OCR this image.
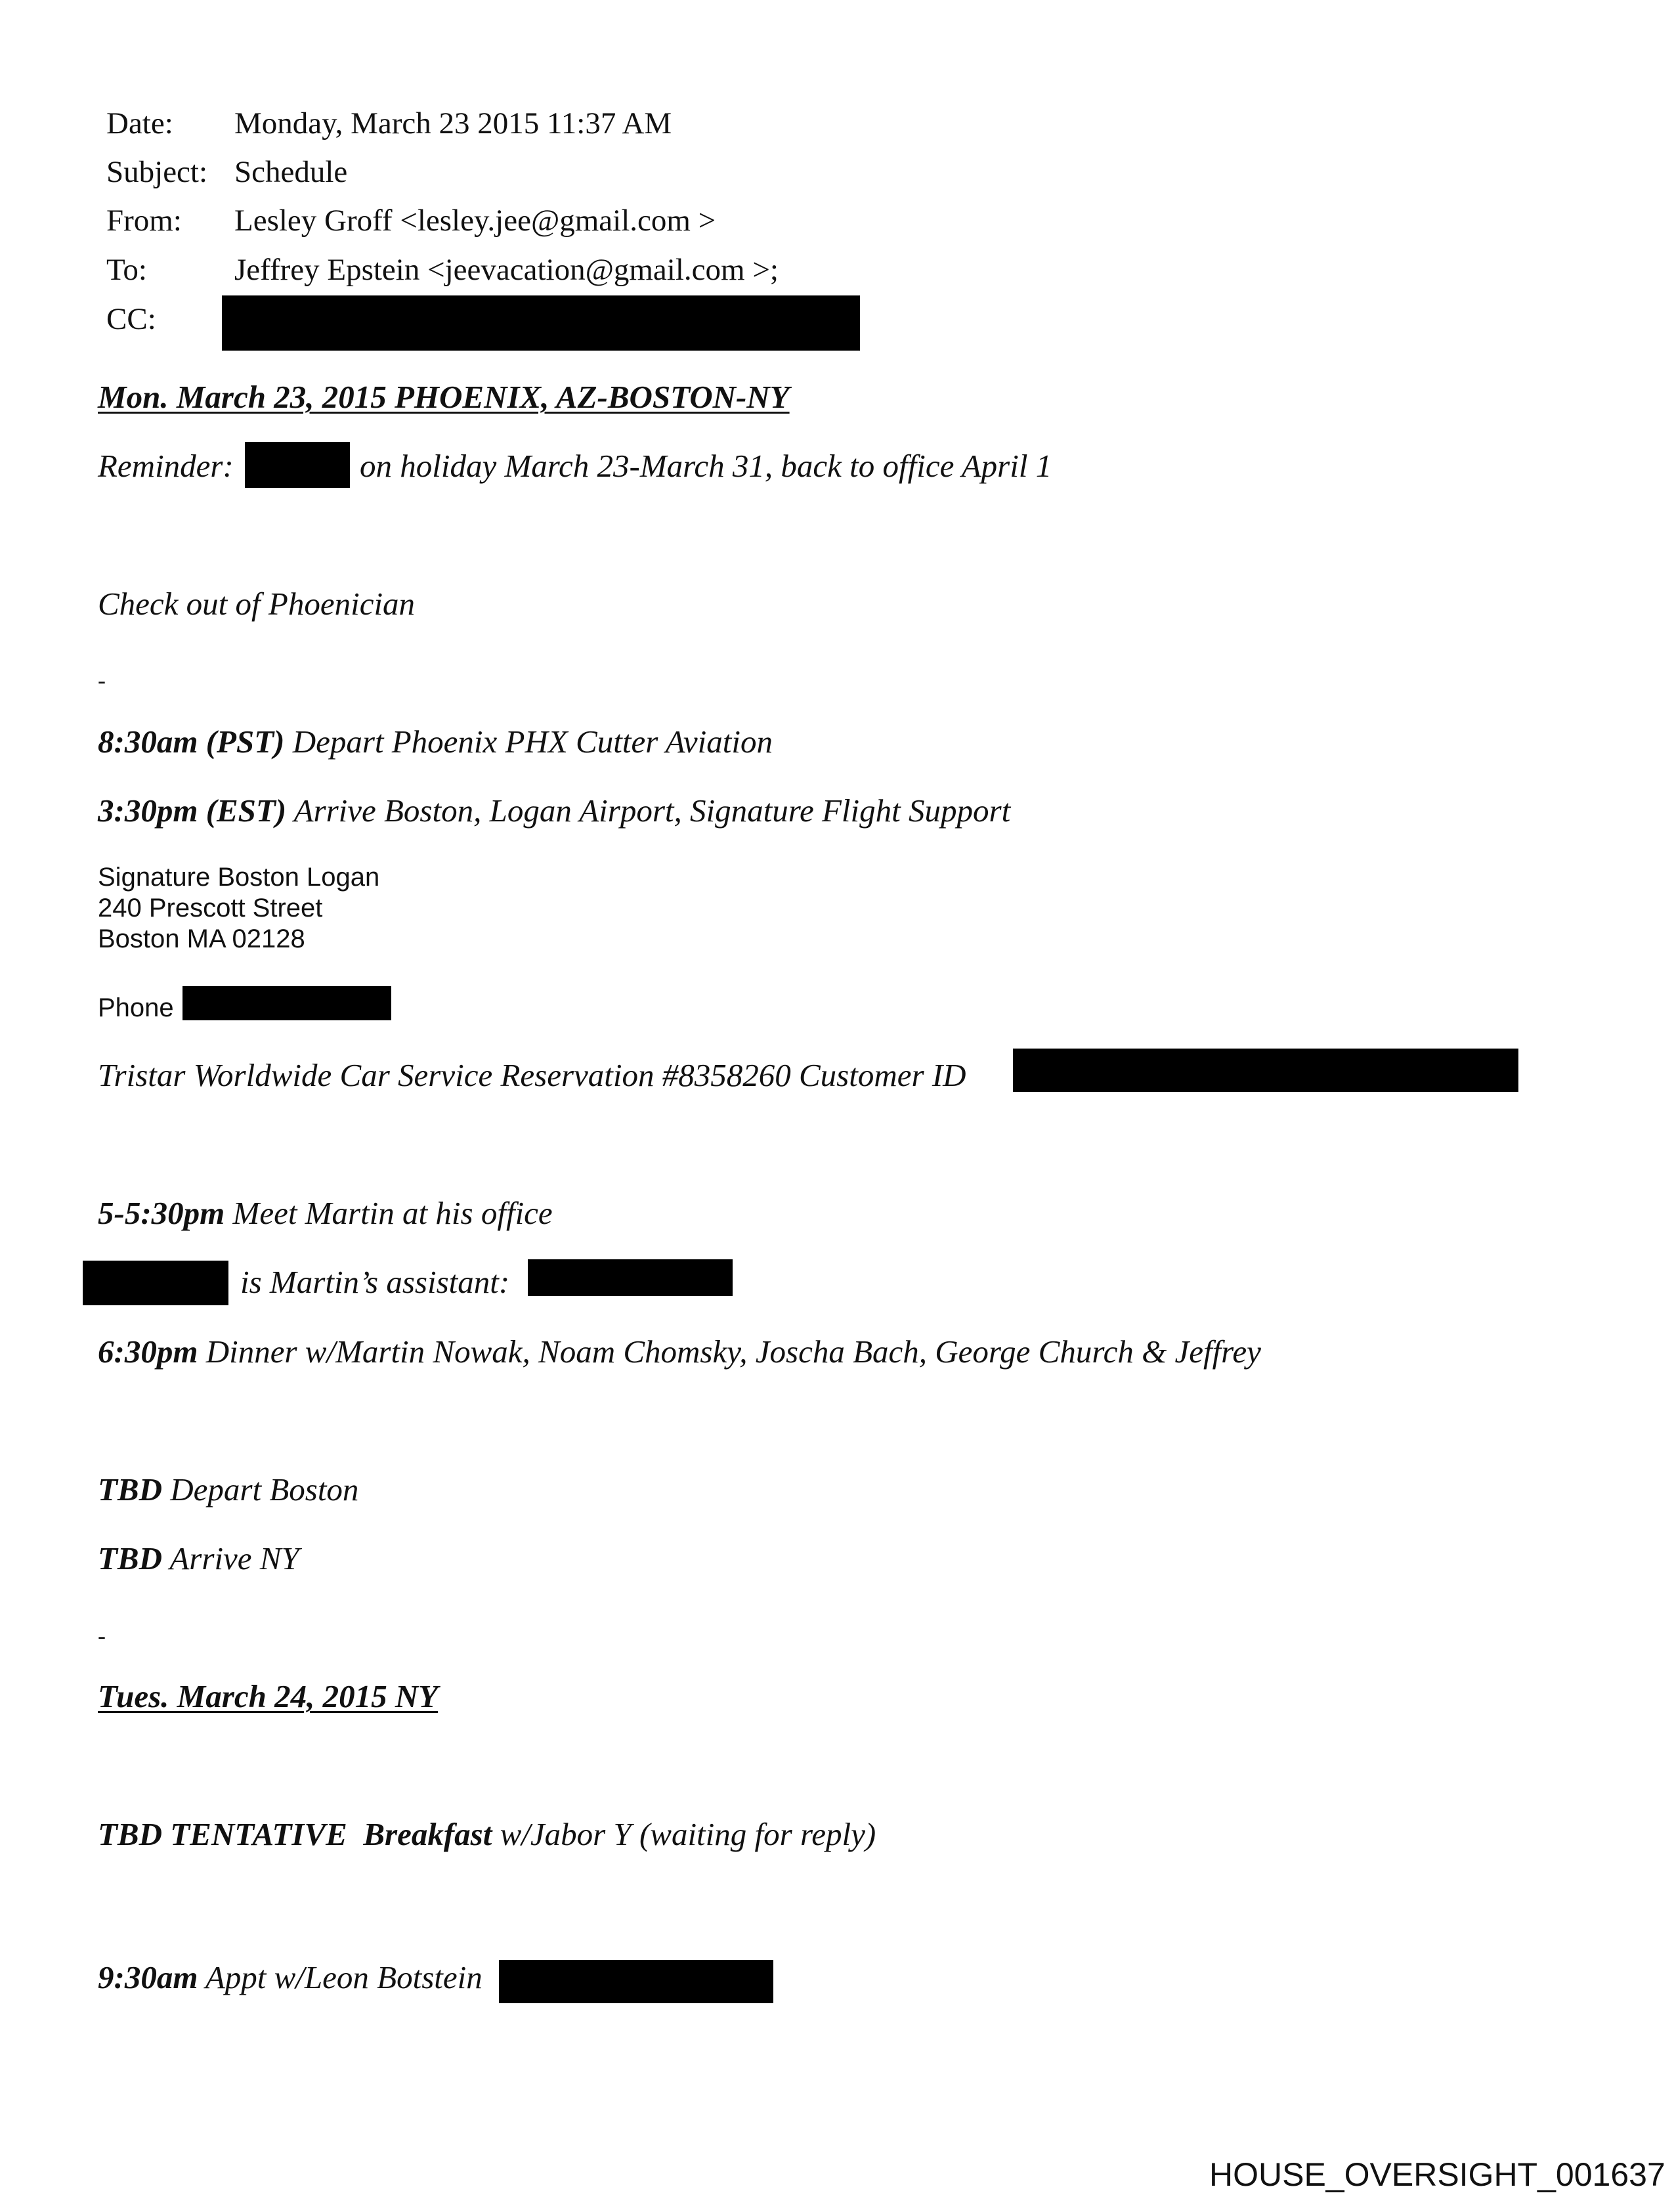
Date: Monday, March 23 2015 11:37 AM
Subject: Schedule
From: Lesley Groff <lesley.jee@gmail.com >
To:	Jeffrey Epstein <jeevacation@gmail.com >;
CC:
Mon. March 23, 2015 PHOENIX, AZ-BOSTON-NY
Reminder:	on holiday March 23-March 31, back to office April 1
Check out of Phoenician
-
8:30am (PST) Depart Phoenix PHX Cutter Aviation
3:30pm (EST) Arrive Boston, Logan Airport, Signature Flight Support
Signature Boston Logan
240 Prescott Street
Boston MA 02128
Phone
Tristar Worldwide Car Service Reservation #8358260 Customer ID
5-5:30pm Meet Martin at his office
is Martin’s assistant:
6:30pm Dinner w/Martin Nowak, Noam Chomsky, Joscha Bach, George Church & Jeffrey
TBD Depart Boston
TBD Arrive NY
-
Tues. March 24, 2015 NY
TBD TENTATIVE  Breakfast w/Jabor Y (waiting for reply)
9:30am Appt w/Leon Botstein
HOUSE_OVERSIGHT_001637
